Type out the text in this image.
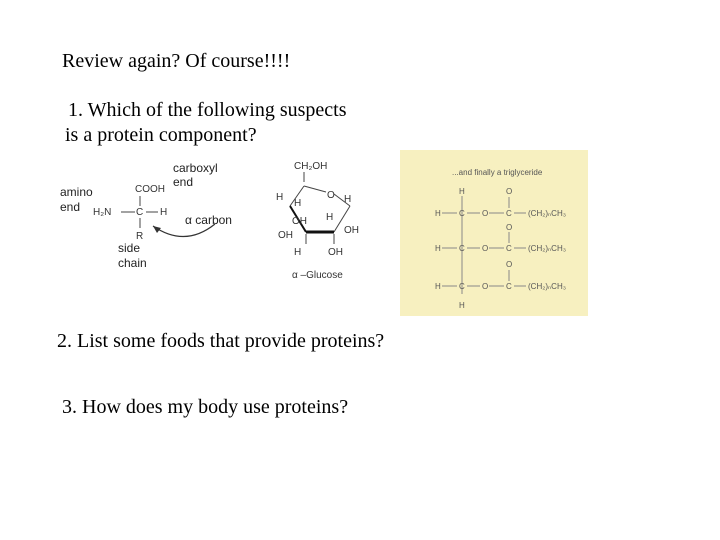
Review again? Of course!!!!
1. Which of the following suspects
is a protein component?
2. List some foods that provide proteins?
3. How does my body use proteins?
amino
end
carboxyl
end
COOH
H₂N C H
R
α carbon
side
chain
CH₂OH
H
H
O H
OH H
OH	OH
H	OH
α –Glucose
...and finally a triglyceride
H
H C O C
O
(CH₂)ₙCH₃
H C O C
O
(CH₂)ₙCH₃
H C O C
O
(CH₂)ₙCH₃
H
